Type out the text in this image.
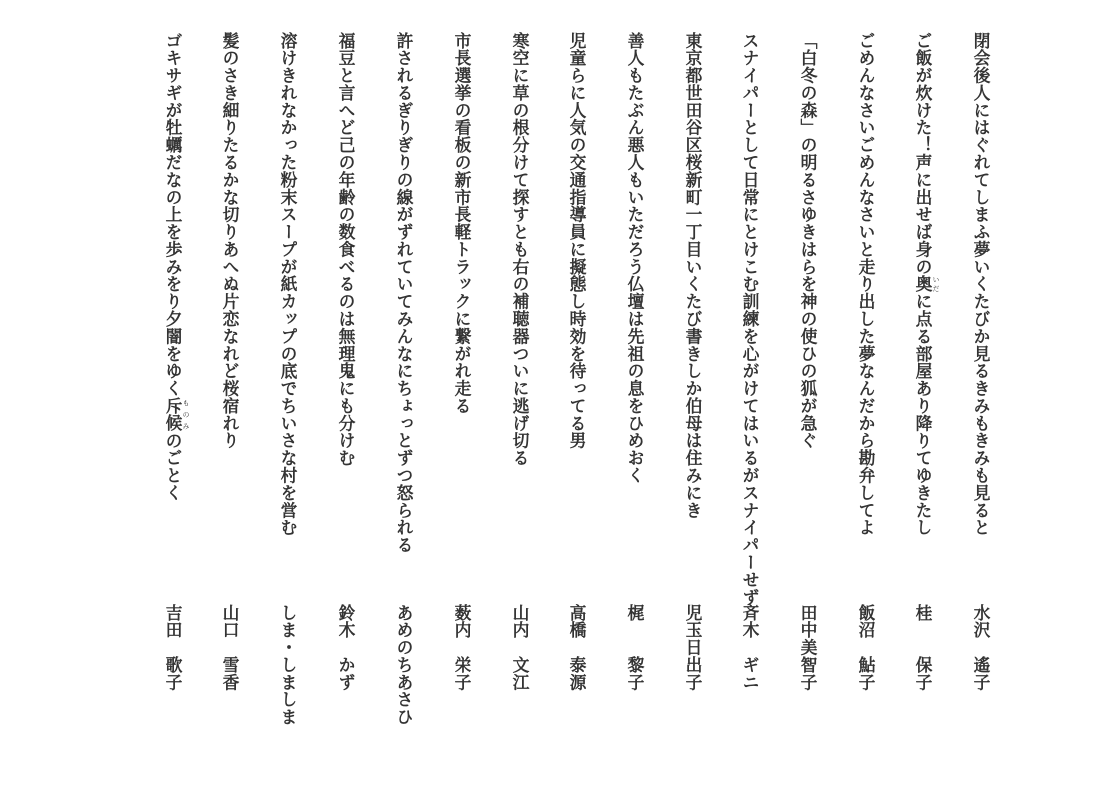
閉会後人にはぐれてしまふ夢いくたびか見るきみもきみも見ると
水沢　遙子
ご飯が炊けた！声に出せば身の奥 いだに点る部屋あり降りてゆきたし
桂　　保子
ごめんなさいごめんなさいと走り出した夢なんだから勘弁してよ
飯沼　鮎子
「白冬の森」の明るさゆきはらを神の使ひの狐が急ぐ
田中美智子
スナイパーとして日常にとけこむ訓練を心がけてはいるがスナイパーせず
斉木　ギニ
東京都世田谷区桜新町一丁目いくたび書きしか伯母は住みにき
児玉日出子
善人もたぶん悪人もいただろう仏壇は先祖の息をひめおく
梶　　黎子
児童らに人気の交通指導員に擬態し時効を待ってる男
高橋　泰源
寒空に草の根分けて探すとも右の補聴器ついに逃げ切る
山内　文江
市長選挙の看板の新市長軽トラックに繋がれ走る
薮内　栄子
許されるぎりぎりの線がずれていてみんなにちょっとずつ怒られる
あめのちあさひ
福豆と言へど己の年齢の数食べるのは無理鬼にも分けむ
鈴木　かず
溶けきれなかった粉末スープが紙カップの底でちいさな村を営む
しま・しましま
髪のさき細りたるかな切りあへぬ片恋なれど桜宿れり
山口　雪香
ゴキサギが牡蠣だなの上を歩みをり夕闇をゆく斥候 ものみのごとく
吉田　歌子
